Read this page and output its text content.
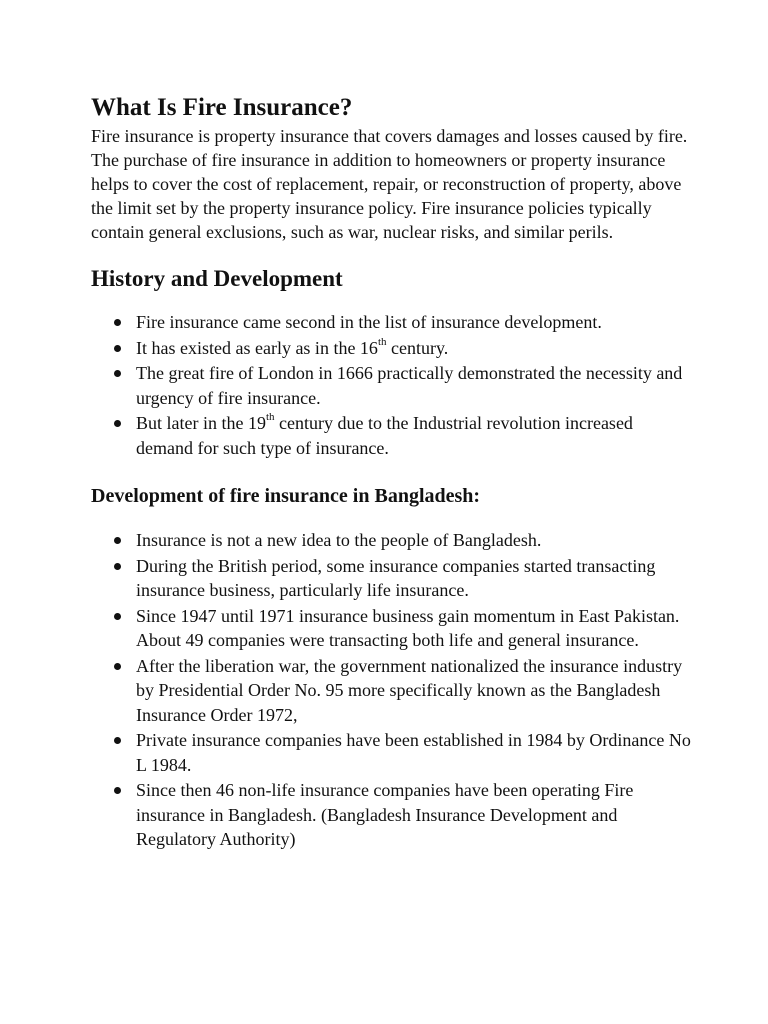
What Is Fire Insurance?

Fire insurance is property insurance that covers damages and losses caused by fire. The purchase of fire insurance in addition to homeowners or property insurance helps to cover the cost of replacement, repair, or reconstruction of property, above the limit set by the property insurance policy. Fire insurance policies typically contain general exclusions, such as war, nuclear risks, and similar perils.

History and Development
Fire insurance came second in the list of insurance development.
It has existed as early as in the 16th century.
The great fire of London in 1666 practically demonstrated the necessity and urgency of fire insurance.
But later in the 19th century due to the Industrial revolution increased demand for such type of insurance.
Development of fire insurance in Bangladesh:
Insurance is not a new idea to the people of Bangladesh.
During the British period, some insurance companies started transacting insurance business, particularly life insurance.
Since 1947 until 1971 insurance business gain momentum in East Pakistan. About 49 companies were transacting both life and general insurance.
After the liberation war, the government nationalized the insurance industry by Presidential Order No. 95 more specifically known as the Bangladesh Insurance Order 1972,
Private insurance companies have been established in 1984 by Ordinance No L 1984.
Since then 46 non-life insurance companies have been operating Fire insurance in Bangladesh. (Bangladesh Insurance Development and Regulatory Authority)
